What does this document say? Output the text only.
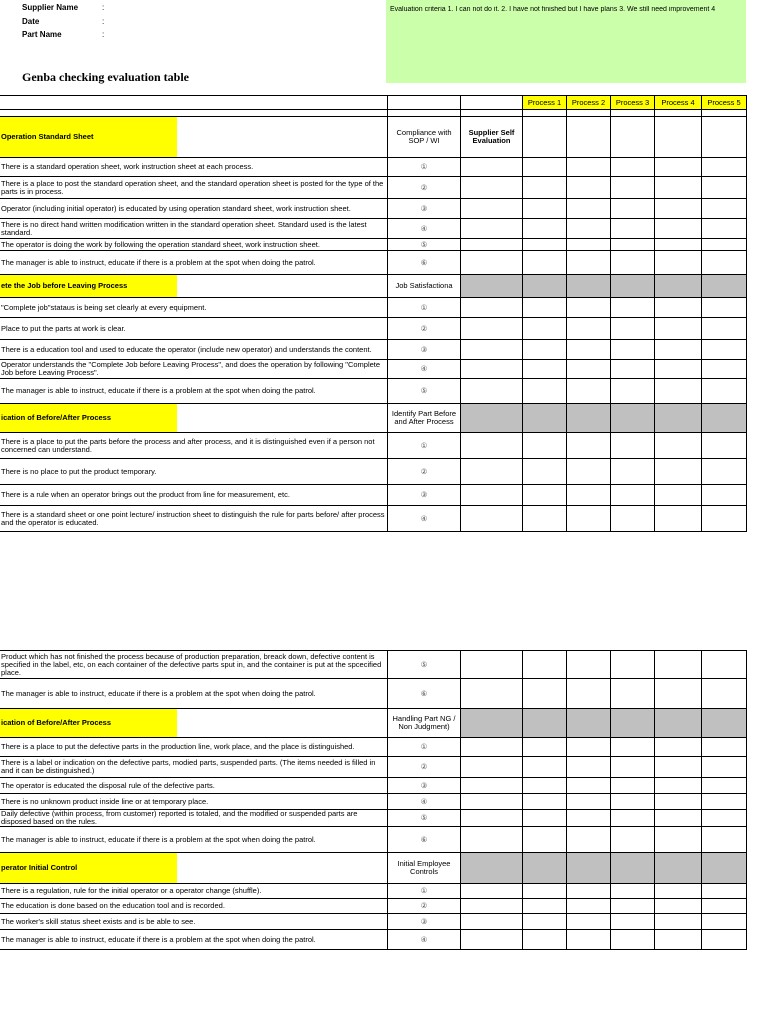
Supplier Name	:
Date	:
Part Name	:
Evaluation criteria 1. I can not do it. 2. I have not finished but I have plans 3. We still need improvement 4
Genba checking evaluation table
			Process 1	Process 2	Process 3	Process 4	Process 5

Operation Standard Sheet	Compliance with SOP / WI	Supplier Self Evaluation					
There is a standard operation sheet, work instruction sheet at each process.	①						
There is a place to post the standard operation sheet, and the standard operation sheet is posted for the type of the parts is in process.	②						
Operator (including initial operator) is educated by using operation standard sheet, work instruction sheet.	③						
There is no direct hand written modification written in the standard operation sheet. Standard used is the latest standard.	④						
The operator is doing the work by following the operation standard sheet, work instruction sheet.	⑤						
The manager is able to instruct, educate if there is a problem at the spot when doing the patrol.	⑥						
ete the Job before Leaving Process	Job Satisfactiona						
"Complete job"stataus is being set clearly at every equipment.	①						
Place to put the parts at work is clear.	②						
There is a education tool and used to educate the operator (include new operator) and understands the content.	③						
Operator understands the "Complete Job before Leaving Process", and does the operation by following "Complete Job before Leaving Process".	④						
The manager is able to instruct, educate if there is a problem at the spot when doing the patrol.	⑤						
ication of Before/After Process	Identify Part Before and After Process						
There is a place to put the parts before the process and after process, and it is distinguished even if a person not concerned can understand.	①						
There is no place to put the product temporary.	②						
There is a rule when an operator brings out the product from line for measurement, etc.	③						
There is a standard sheet or one point lecture/ instruction sheet to distinguish the rule for parts before/ after process and the operator is educated.	④						
Product which has not finished the process because of production preparation, breack down, defective content is specified in the label, etc, on each container of the defective parts sput in, and the container is put at the spcecified place.	⑤						
The manager is able to instruct, educate if there is a problem at the spot when doing the patrol.	⑥						
ication of Before/After Process	Handling Part NG / Non Judgment)						
There is a place to put the defective parts in the production line, work place, and the place is distinguished.	①						
There is a label or indication on the defective parts, modied parts, suspended parts. (The items needed is filled in and it can be distinguished.)	②						
The operator is educated the disposal rule of the defective parts.	③						
There is no unknown product inside line or at temporary place.	④						
Daily defective (within process, from customer) reported is totaled, and the modified or suspended parts are disposed based on the rules.	⑤						
The manager is able to instruct, educate if there is a problem at the spot when doing the patrol.	⑥						
perator Initial Control	Initial Employee Controls						
There is a regulation, rule for the initial operator or a operator change (shuffle).	①						
The education is done based on the education tool and is recorded.	②						
The worker's skill status sheet exists and is be able to see.	③						
The manager is able to instruct, educate if there is a problem at the spot when doing the patrol.	④						
